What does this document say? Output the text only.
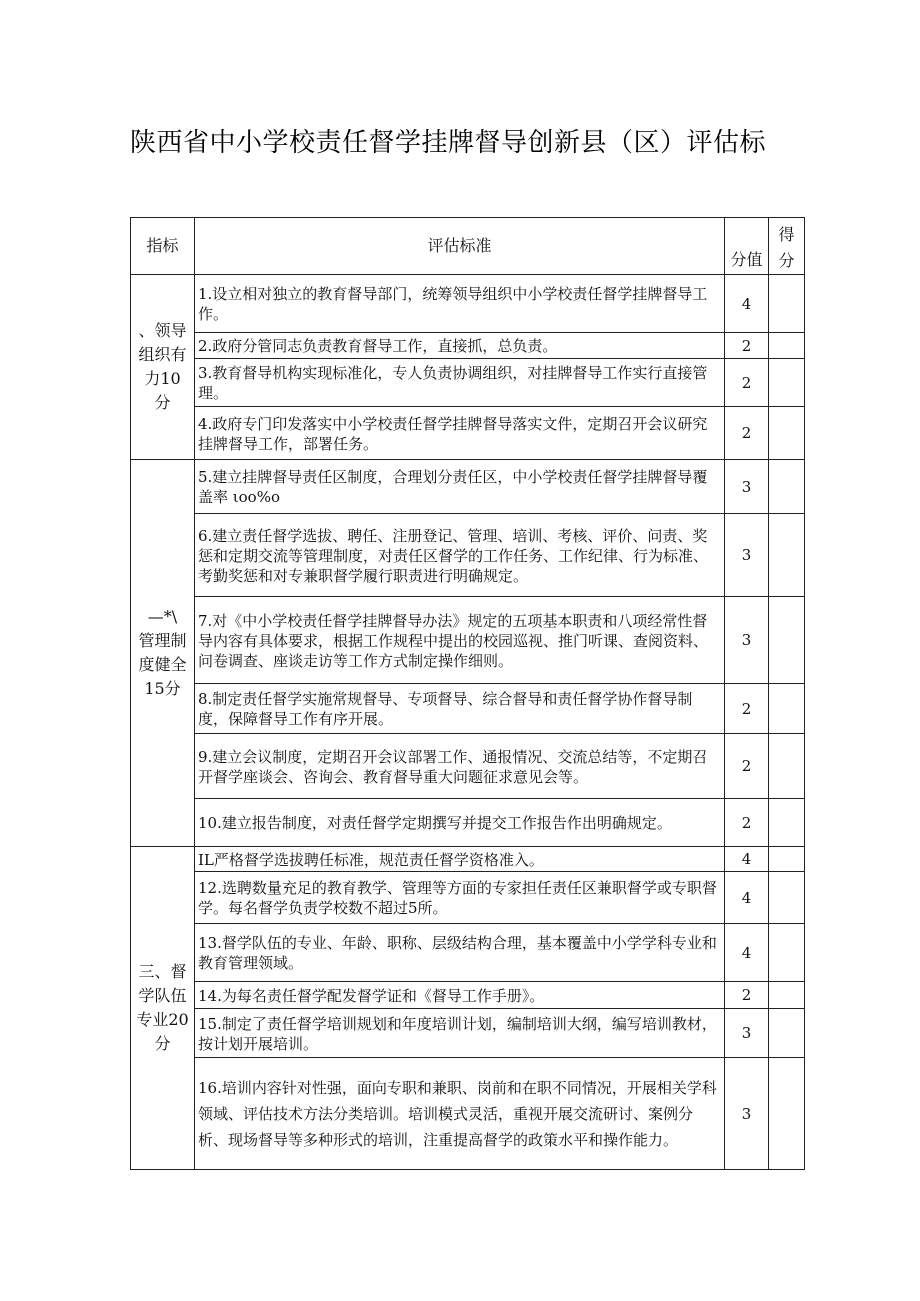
陕西省中小学校责任督学挂牌督导创新县（区）评估标
指标	评估标准	分值	得
分
、领导
组织有
力10
分	1.设立相对独立的教育督导部门，统筹领导组织中小学校责任督学挂牌督导工作。	4	
	2.政府分管同志负责教育督导工作，直接抓，总负责。	2	
	3.教育督导机构实现标准化，专人负责协调组织，对挂牌督导工作实行直接管理。	2	
	4.政府专门印发落实中小学校责任督学挂牌督导落实文件，定期召开会议研究挂牌督导工作，部署任务。	2	
—*\
管理制
度健全
15分	5.建立挂牌督导责任区制度，合理划分责任区，中小学校责任督学挂牌督导覆盖率 ιoo%o	3	
	6.建立责任督学选拔、聘任、注册登记、管理、培训、考核、评价、问责、奖惩和定期交流等管理制度，对责任区督学的工作任务、工作纪律、行为标准、考勤奖惩和对专兼职督学履行职责进行明确规定。	3	
	7.对《中小学校责任督学挂牌督导办法》规定的五项基本职责和八项经常性督导内容有具体要求，根据工作规程中提出的校园巡视、推门听课、查阅资料、问卷调查、座谈走访等工作方式制定操作细则。	3	
	8.制定责任督学实施常规督导、专项督导、综合督导和责任督学协作督导制度，保障督导工作有序开展。	2	
	9.建立会议制度，定期召开会议部署工作、通报情况、交流总结等，不定期召开督学座谈会、咨询会、教育督导重大问题征求意见会等。	2	
	10.建立报告制度，对责任督学定期撰写并提交工作报告作出明确规定。	2	
三、督
学队伍
专业20
分	IL严格督学选拔聘任标准，规范责任督学资格准入。	4	
	12.选聘数量充足的教育教学、管理等方面的专家担任责任区兼职督学或专职督学。每名督学负责学校数不超过5所。	4	
	13.督学队伍的专业、年龄、职称、层级结构合理，基本覆盖中小学学科专业和教育管理领域。	4	
	14.为每名责任督学配发督学证和《督导工作手册》。	2	
	15.制定了责任督学培训规划和年度培训计划，编制培训大纲，编写培训教材，按计划开展培训。	3	
	16.培训内容针对性强，面向专职和兼职、岗前和在职不同情况，开展相关学科领域、评估技术方法分类培训。培训模式灵活，重视开展交流研讨、案例分析、现场督导等多种形式的培训，注重提高督学的政策水平和操作能力。	3	
